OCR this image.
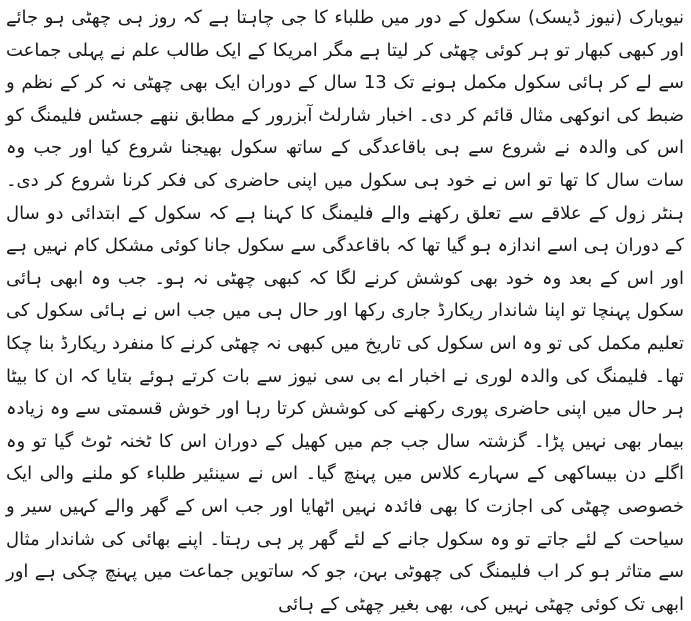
نیویارک (نیوز ڈیسک) سکول کے دور میں طلباء کا جی چاہتا ہے کہ روز ہی چھٹی ہو جائے اور کبھی کبھار تو ہر کوئی چھٹی کر لیتا ہے مگر امریکا کے ایک طالب علم نے پہلی جماعت سے لے کر ہائی سکول مکمل ہونے تک 13 سال کے دوران ایک بھی چھٹی نہ کر کے نظم و ضبط کی انوکھی مثال قائم کر دی۔ اخبار شارلٹ آبزرور کے مطابق ننھے جسٹس فلیمنگ کو اس کی والدہ نے شروع سے ہی باقاعدگی کے ساتھ سکول بھیجنا شروع کیا اور جب وہ سات سال کا تھا تو اس نے خود ہی سکول میں اپنی حاضری کی فکر کرنا شروع کر دی۔ ہنٹر زول کے علاقے سے تعلق رکھنے والے فلیمنگ کا کہنا ہے کہ سکول کے ابتدائی دو سال کے دوران ہی اسے اندازہ ہو گیا تھا کہ باقاعدگی سے سکول جانا کوئی مشکل کام نہیں ہے اور اس کے بعد وہ خود بھی کوشش کرنے لگا کہ کبھی چھٹی نہ ہو۔ جب وہ ابھی ہائی سکول پہنچا تو اپنا شاندار ریکارڈ جاری رکھا اور حال ہی میں جب اس نے ہائی سکول کی تعلیم مکمل کی تو وہ اس سکول کی تاریخ میں کبھی نہ چھٹی کرنے کا منفرد ریکارڈ بنا چکا تھا۔ فلیمنگ کی والدہ لوری نے اخبار اے بی سی نیوز سے بات کرتے ہوئے بتایا کہ ان کا بیٹا ہر حال میں اپنی حاضری پوری رکھنے کی کوشش کرتا رہا اور خوش قسمتی سے وہ زیادہ بیمار بھی نہیں پڑا۔ گزشتہ سال جب جم میں کھیل کے دوران اس کا ٹخنہ ٹوٹ گیا تو وہ اگلے دن بیساکھی کے سہارے کلاس میں پہنچ گیا۔ اس نے سینئیر طلباء کو ملنے والی ایک خصوصی چھٹی کی اجازت کا بھی فائدہ نہیں اٹھایا اور جب اس کے گھر والے کہیں سیر و سیاحت کے لئے جاتے تو وہ سکول جانے کے لئے گھر پر ہی رہتا۔ اپنے بھائی کی شاندار مثال سے متاثر ہو کر اب فلیمنگ کی چھوٹی بہن، جو کہ ساتویں جماعت میں پہنچ چکی ہے اور ابھی تک کوئی چھٹی نہیں کی، بھی بغیر چھٹی کے ہائی
